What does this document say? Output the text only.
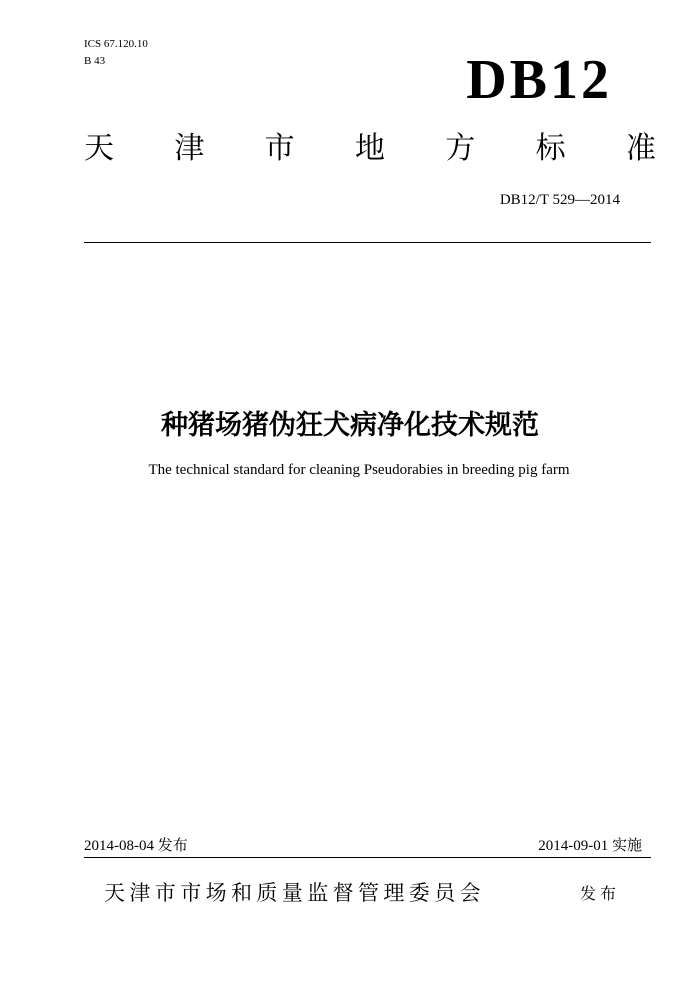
ICS 67.120.10
B 43	DB12
天 津 市 地 方 标 准
DB12/T 529—2014
种猪场猪伪狂犬病净化技术规范
The technical standard for cleaning Pseudorabies in breeding pig farm
2014-08-04 发布	2014-09-01 实施
天津市市场和质量监督管理委员会	发布
